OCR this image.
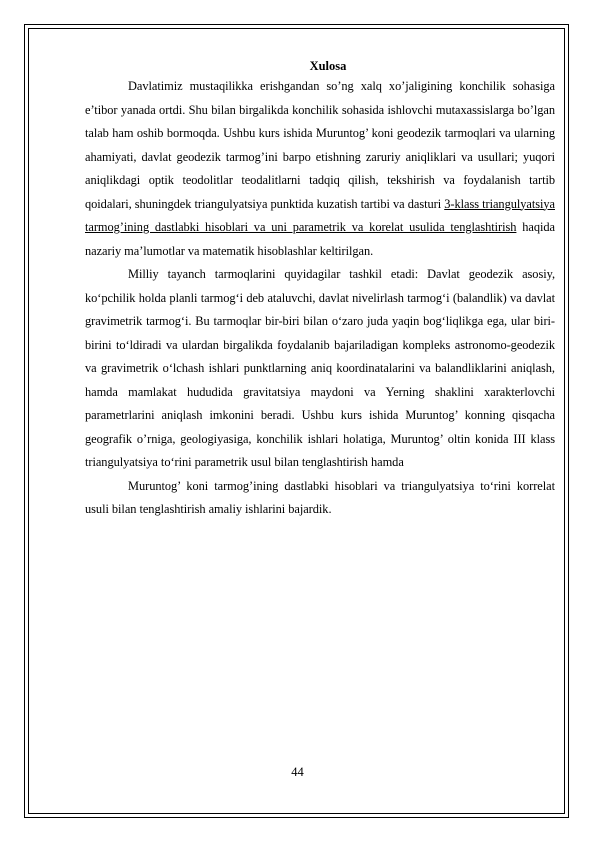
Xulosa

Davlatimiz mustaqilikka erishgandan so’ng xalq xo’jaligining konchilik sohasiga e’tibor yanada ortdi. Shu bilan birgalikda konchilik sohasida ishlovchi mutaxassislarga bo’lgan talab ham oshib bormoqda. Ushbu kurs ishida Muruntog’ koni geodezik tarmoqlari va ularning ahamiyati, davlat geodezik tarmog’ini barpo etishning zaruriy aniqliklari va usullari; yuqori aniqlikdagi optik teodolitlar teodalitlarni tadqiq qilish, tekshirish va foydalanish tartib qoidalari, shuningdek triangulyatsiya punktida kuzatish tartibi va dasturi 3-klass triangulyatsiya tarmog’ining dastlabki hisoblari va uni parametrik va korelat usulida tenglashtirish haqida nazariy ma’lumotlar va matematik hisoblashlar keltirilgan.

Milliy tayanch tarmoqlarini quyidagilar tashkil etadi: Davlat geodezik asosiy, ko‘pchilik holda planli tarmog‘i deb ataluvchi, davlat nivelirlash tarmog‘i (balandlik) va davlat gravimetrik tarmog‘i. Bu tarmoqlar bir-biri bilan o‘zaro juda yaqin bog‘liqlikga ega, ular biri-birini to‘ldiradi va ulardan birgalikda foydalanib bajariladigan kompleks astronomo-geodezik va gravimetrik o‘lchash ishlari punktlarning aniq koordinatalarini va balandliklarini aniqlash, hamda mamlakat hududida gravitatsiya maydoni va Yerning shaklini xarakterlovchi parametrlarini aniqlash imkonini beradi. Ushbu kurs ishida Muruntog’ konning qisqacha geografik o’rniga, geologiyasiga, konchilik ishlari holatiga, Muruntog’ oltin konida III klass triangulyatsiya to‘rini parametrik usul bilan tenglashtirish hamda

Muruntog’ koni tarmog’ining dastlabki hisoblari va triangulyatsiya to‘rini korrelat usuli bilan tenglashtirish amaliy ishlarini bajardik.

44
